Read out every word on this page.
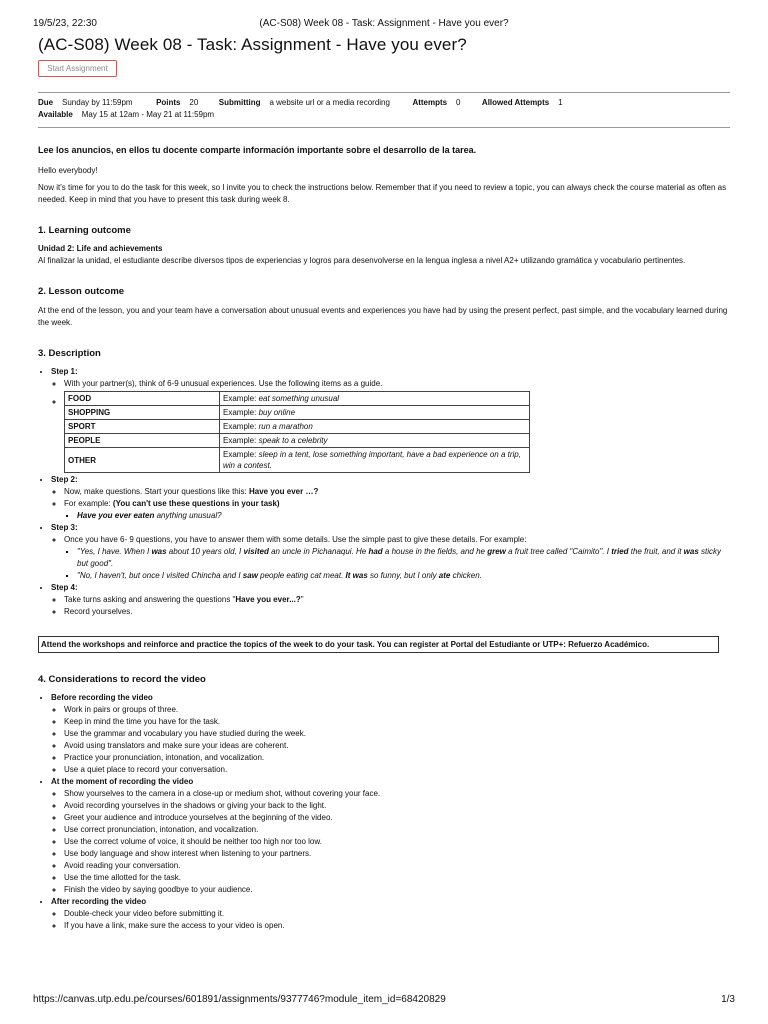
19/5/23, 22:30	(AC-S08) Week 08 - Task: Assignment - Have you ever?
(AC-S08) Week 08 - Task: Assignment - Have you ever?
Start Assignment
Due Sunday by 11:59pm	Points 20	Submitting a website url or a media recording	Attempts 0	Allowed Attempts 1
Available May 15 at 12am - May 21 at 11:59pm

Lee los anuncios, en ellos tu docente comparte información importante sobre el desarrollo de la tarea.

Hello everybody!

Now it's time for you to do the task for this week, so I invite you to check the instructions below. Remember that if you need to review a topic, you can always check the course material as often as needed. Keep in mind that you have to present this task during week 8.

1. Learning outcome

Unidad 2: Life and achievements

Al finalizar la unidad, el estudiante describe diversos tipos de experiencias y logros para desenvolverse en la lengua inglesa a nivel A2+ utilizando gramática y vocabulario pertinentes.

2. Lesson outcome

At the end of the lesson, you and your team have a conversation about unusual events and experiences you have had by using the present perfect, past simple, and the vocabulary learned during the week.

3. Description

• Step 1:
◦ With your partner(s), think of 6-9 unusual experiences. Use the following items as a guide.
◦ FOOD	Example: eat something unusual
SHOPPING	Example: buy online
SPORT	Example: run a marathon
PEOPLE	Example: speak to a celebrity
OTHER	Example: sleep in a tent, lose something important, have a bad experience on a trip, win a contest.
• Step 2:
◦ Now, make questions. Start your questions like this: Have you ever …?
◦ For example: (You can't use these questions in your task)
▪ Have you ever eaten anything unusual?
• Step 3:
◦ Once you have 6- 9 questions, you have to answer them with some details. Use the simple past to give these details. For example:
▪ "Yes, I have. When I was about 10 years old, I visited an uncle in Pichanaqui. He had a house in the fields, and he grew a fruit tree called "Caimito". I tried the fruit, and it was sticky but good".
▪ "No, I haven't, but once I visited Chincha and I saw people eating cat meat. It was so funny, but I only ate chicken.
• Step 4:
◦ Take turns asking and answering the questions "Have you ever...?"
◦ Record yourselves.
Attend the workshops and reinforce and practice the topics of the week to do your task. You can register at Portal del Estudiante or UTP+: Refuerzo Académico.

4. Considerations to record the video

• Before recording the video
◦ Work in pairs or groups of three.
◦ Keep in mind the time you have for the task.
◦ Use the grammar and vocabulary you have studied during the week.
◦ Avoid using translators and make sure your ideas are coherent.
◦ Practice your pronunciation, intonation, and vocalization.
◦ Use a quiet place to record your conversation.
• At the moment of recording the video
◦ Show yourselves to the camera in a close-up or medium shot, without covering your face.
◦ Avoid recording yourselves in the shadows or giving your back to the light.
◦ Greet your audience and introduce yourselves at the beginning of the video.
◦ Use correct pronunciation, intonation, and vocalization.
◦ Use the correct volume of voice, it should be neither too high nor too low.
◦ Use body language and show interest when listening to your partners.
◦ Avoid reading your conversation.
◦ Use the time allotted for the task.
◦ Finish the video by saying goodbye to your audience.
• After recording the video
◦ Double-check your video before submitting it.
◦ If you have a link, make sure the access to your video is open.
https://canvas.utp.edu.pe/courses/601891/assignments/9377746?module_item_id=68420829	1/3
